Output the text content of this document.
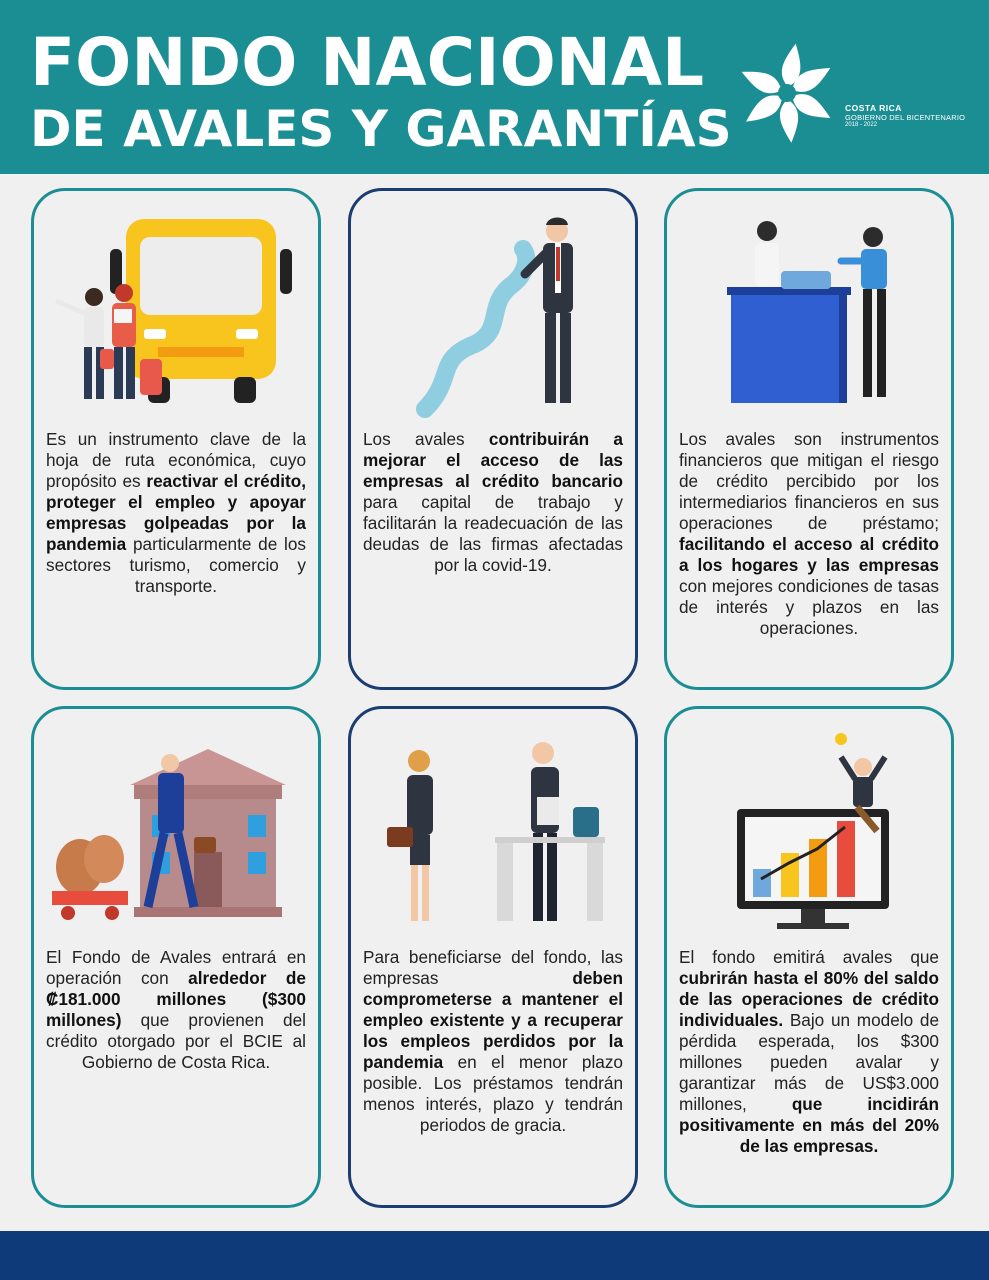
FONDO NACIONAL
DE AVALES Y GARANTÍAS	COSTA RICA
GOBIERNO DEL BICENTENARIO
2018 - 2022
Es un instrumento clave de la hoja de ruta económica, cuyo propósito es reactivar el crédito, proteger el empleo y apoyar empresas golpeadas por la pandemia particularmente de los sectores turismo, comercio y transporte.
Los avales contribuirán a mejorar el acceso de las empresas al crédito bancario para capital de trabajo y facilitarán la readecuación de las deudas de las firmas afectadas por la covid-19.
Los avales son instrumentos financieros que mitigan el riesgo de crédito percibido por los intermediarios financieros en sus operaciones de préstamo; facilitando el acceso al crédito a los hogares y las empresas con mejores condiciones de tasas de interés y plazos en las operaciones.
El Fondo de Avales entrará en operación con alrededor de ₡181.000 millones ($300 millones) que provienen del crédito otorgado por el BCIE al Gobierno de Costa Rica.
Para beneficiarse del fondo, las empresas deben comprometerse a mantener el empleo existente y a recuperar los empleos perdidos por la pandemia en el menor plazo posible. Los préstamos tendrán menos interés, plazo y tendrán periodos de gracia.
El fondo emitirá avales que cubrirán hasta el 80% del saldo de las operaciones de crédito individuales. Bajo un modelo de pérdida esperada, los $300 millones pueden avalar y garantizar más de US$3.000 millones, que incidirán positivamente en más del 20% de las empresas.
